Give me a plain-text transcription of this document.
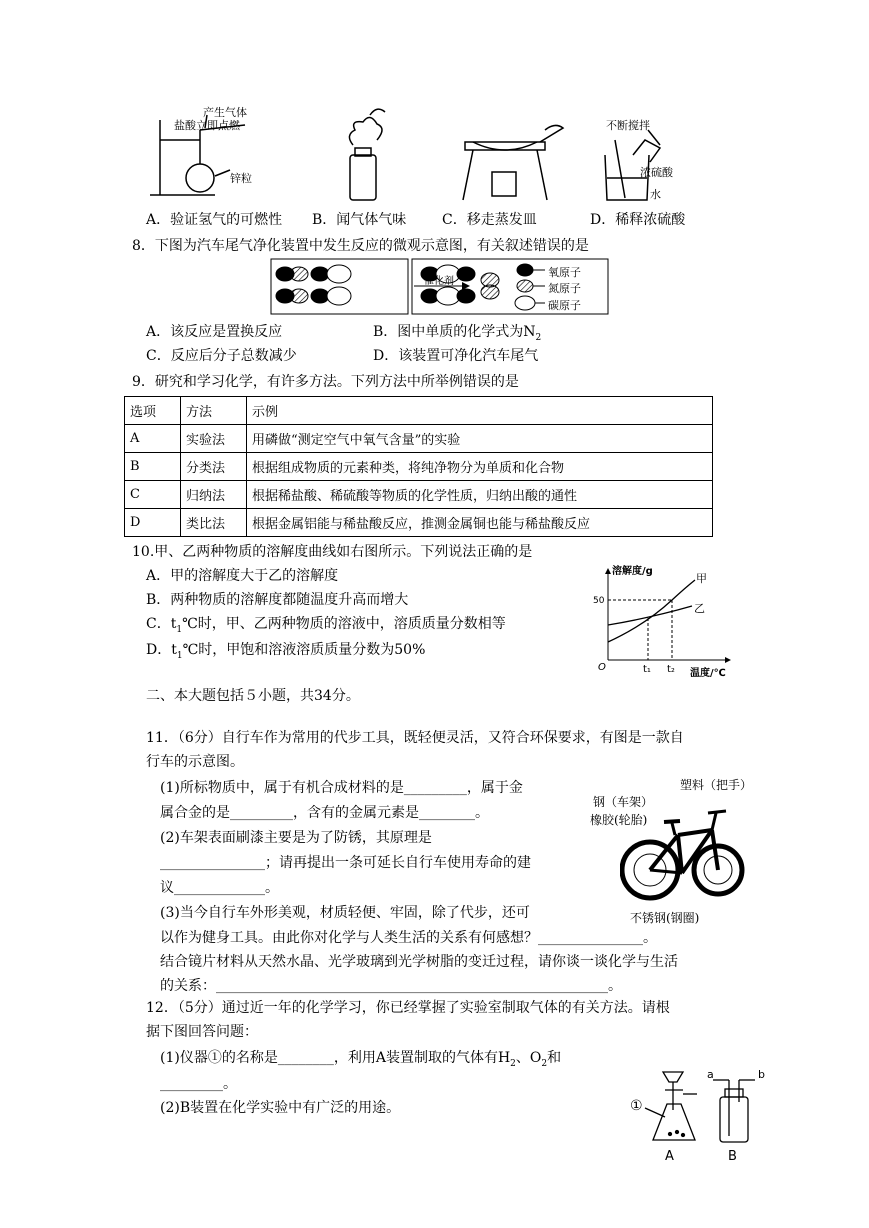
产生气体
盐酸立即点燃
锌粒
不断搅拌
浓硫酸
水
A．验证氢气的可燃性 B．闻气体气味	C．移走蒸发皿	D．稀释浓硫酸
8．下图为汽车尾气净化装置中发生反应的微观示意图，有关叙述错误的是
催化剂
氧原子
氮原子
碳原子
A．该反应是置换反应	B．图中单质的化学式为$N_2$
C．反应后分子总数减少	D．该装置可净化汽车尾气
9．研究和学习化学，有许多方法。下列方法中所举例错误的是
选项	方法	示例
A	实验法	用磷做“测定空气中氧气含量”的实验
B	分类法	根据组成物质的元素种类，将纯净物分为单质和化合物
C	归纳法	根据稀盐酸、稀硫酸等物质的化学性质，归纳出酸的通性
D	类比法	根据金属铝能与稀盐酸反应，推测金属铜也能与稀盐酸反应
10.甲、乙两种物质的溶解度曲线如右图所示。下列说法正确的是
A．甲的溶解度大于乙的溶解度
B．两种物质的溶解度都随温度升高而增大
C．$t_1℃$时，甲、乙两种物质的溶液中，溶质质量分数相等
D．$t_1℃$时，甲饱和溶液溶质质量分数为50%
溶解度/g
甲
乙
50
O	t₁ t₂ 温度/℃
二、本大题包括５小题，共34分。
11．（6分）自行车作为常用的代步工具，既轻便灵活，又符合环保要求，有图是一款自
行车的示意图。
(1)所标物质中，属于有机合成材料的是_________，属于金
属合金的是_________，含有的金属元素是________。
(2)车架表面刷漆主要是为了防锈，其原理是
_______________；请再提出一条可延长自行车使用寿命的建
议_____________。
(3)当今自行车外形美观，材质轻便、牢固，除了代步，还可
以作为健身工具。由此你对化学与人类生活的关系有何感想？_______________。
结合镜片材料从天然水晶、光学玻璃到光学树脂的变迁过程，请你谈一谈化学与生活
的关系：________________________________________________________。
塑料（把手）
钢（车架）
橡胶(轮胎)
不锈钢(钢圈)
12．（5分）通过近一年的化学学习，你已经掌握了实验室制取气体的有关方法。请根
据下图回答问题：
(1)仪器①的名称是________，利用A装置制取的气体有$H_2$、$O_2$和
_________。
(2)B装置在化学实验中有广泛的用途。	①
a	b
A	B
